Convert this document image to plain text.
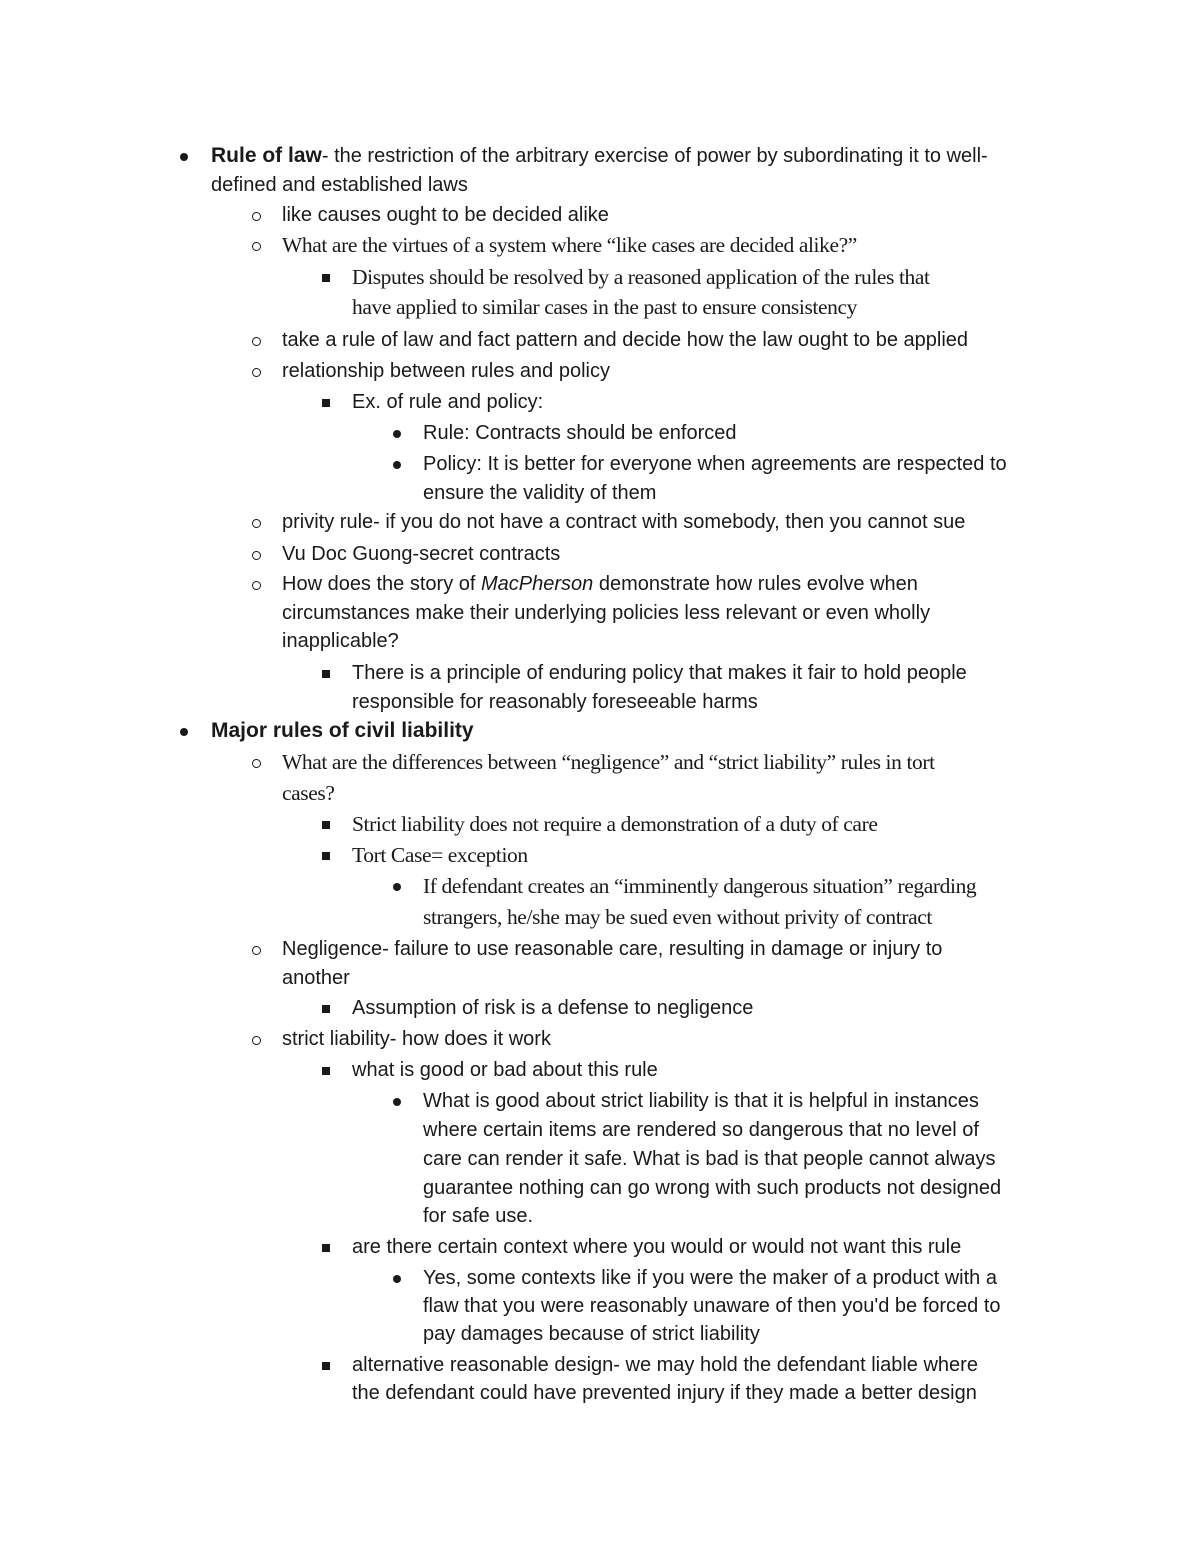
Rule of law- the restriction of the arbitrary exercise of power by subordinating it to well-
defined and established laws
like causes ought to be decided alike
What are the virtues of a system where “like cases are decided alike?”
Disputes should be resolved by a reasoned application of the rules that
have applied to similar cases in the past to ensure consistency
take a rule of law and fact pattern and decide how the law ought to be applied
relationship between rules and policy
Ex. of rule and policy:
Rule: Contracts should be enforced
Policy: It is better for everyone when agreements are respected to
ensure the validity of them
privity rule- if you do not have a contract with somebody, then you cannot sue
Vu Doc Guong-secret contracts
How does the story of MacPherson demonstrate how rules evolve when
circumstances make their underlying policies less relevant or even wholly
inapplicable?
There is a principle of enduring policy that makes it fair to hold people
responsible for reasonably foreseeable harms
Major rules of civil liability
What are the differences between “negligence” and “strict liability” rules in tort
cases?
Strict liability does not require a demonstration of a duty of care
Tort Case= exception
If defendant creates an “imminently dangerous situation” regarding
strangers, he/she may be sued even without privity of contract
Negligence- failure to use reasonable care, resulting in damage or injury to
another
Assumption of risk is a defense to negligence
strict liability- how does it work
what is good or bad about this rule
What is good about strict liability is that it is helpful in instances
where certain items are rendered so dangerous that no level of
care can render it safe. What is bad is that people cannot always
guarantee nothing can go wrong with such products not designed
for safe use.
are there certain context where you would or would not want this rule
Yes, some contexts like if you were the maker of a product with a
flaw that you were reasonably unaware of then you'd be forced to
pay damages because of strict liability
alternative reasonable design- we may hold the defendant liable where
the defendant could have prevented injury if they made a better design
